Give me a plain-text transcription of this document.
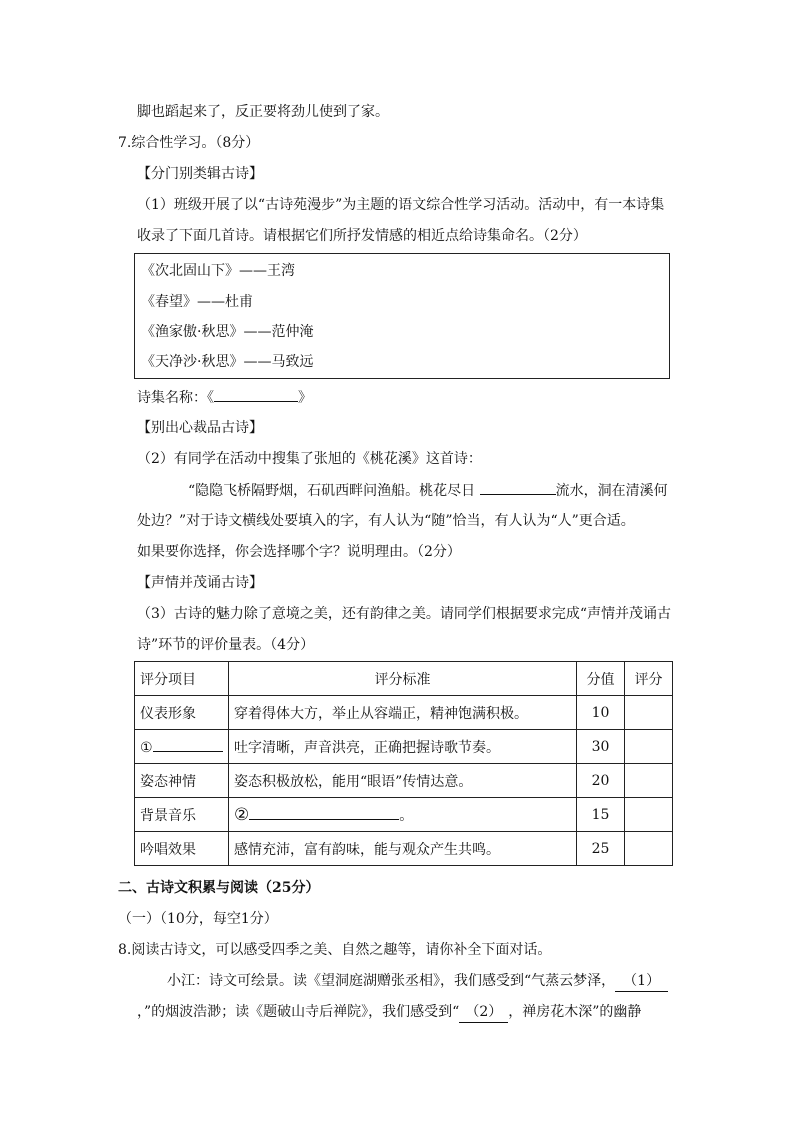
脚也蹈起来了，反正要将劲儿使到了家。
7.综合性学习。（8分）
【分门别类辑古诗】
（1）班级开展了以“古诗苑漫步”为主题的语文综合性学习活动。活动中，有一本诗集
收录了下面几首诗。请根据它们所抒发情感的相近点给诗集命名。（2分）
《次北固山下》——王湾
《春望》——杜甫
《渔家傲·秋思》——范仲淹
《天净沙·秋思》——马致远
诗集名称：《	》
【别出心裁品古诗】
（2）有同学在活动中搜集了张旭的《桃花溪》这首诗：
“隐隐飞桥隔野烟，石矶西畔问渔船。桃花尽日	流水，洞在清溪何
处边？”对于诗文横线处要填入的字，有人认为“随”恰当，有人认为“人”更合适。
如果要你选择，你会选择哪个字？说明理由。（2分）
【声情并茂诵古诗】
（3）古诗的魅力除了意境之美，还有韵律之美。请同学们根据要求完成“声情并茂诵古
诗”环节的评价量表。（4分）
评分项目	评分标准	分值	评分
仪表形象	穿着得体大方，举止从容端正，精神饱满积极。	10	
①	吐字清晰，声音洪亮，正确把握诗歌节奏。	30	
姿态神情	姿态积极放松，能用“眼语”传情达意。	20	
背景音乐	② 。	15	
吟唱效果	感情充沛，富有韵味，能与观众产生共鸣。	25	
二、古诗文积累与阅读（25分）
（一）（10分，每空1分）
8.阅读古诗文，可以感受四季之美、自然之趣等，请你补全下面对话。
小江：诗文可绘景。读《望洞庭湖赠张丞相》，我们感受到“气蒸云梦泽， （1）
，”的烟波浩渺；读《题破山寺后禅院》，我们感受到“ （2） ，禅房花木深”的幽静
